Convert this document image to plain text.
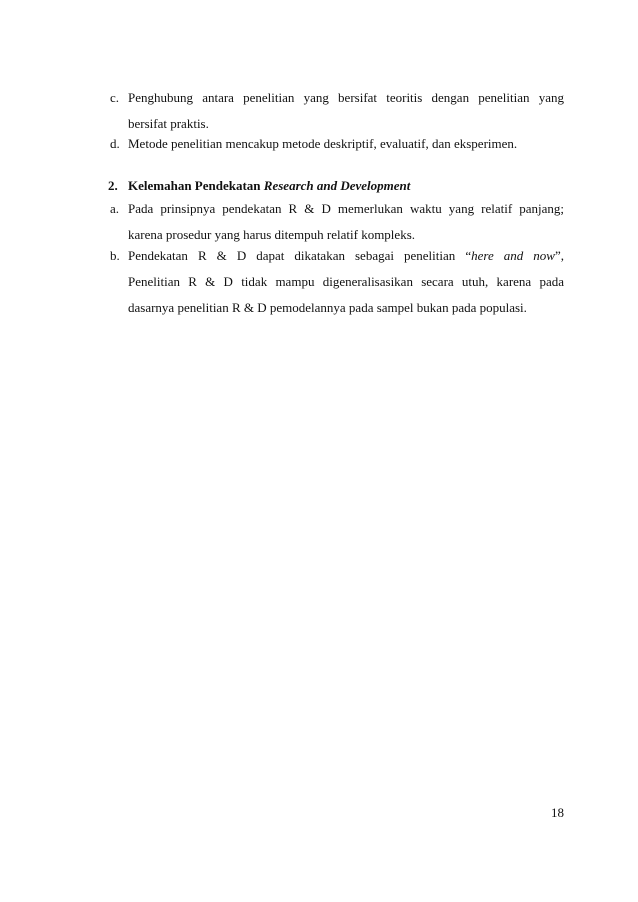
c. Penghubung antara penelitian yang bersifat teoritis dengan penelitian yang
bersifat praktis.
d. Metode penelitian mencakup metode deskriptif, evaluatif, dan eksperimen.
2. Kelemahan Pendekatan Research and Development
a. Pada prinsipnya pendekatan R & D memerlukan waktu yang relatif panjang;
karena prosedur yang harus ditempuh relatif kompleks.
b. Pendekatan R & D dapat dikatakan sebagai penelitian “here and now”,
Penelitian R & D tidak mampu digeneralisasikan secara utuh, karena pada
dasarnya penelitian R & D pemodelannya pada sampel bukan pada populasi.
18
